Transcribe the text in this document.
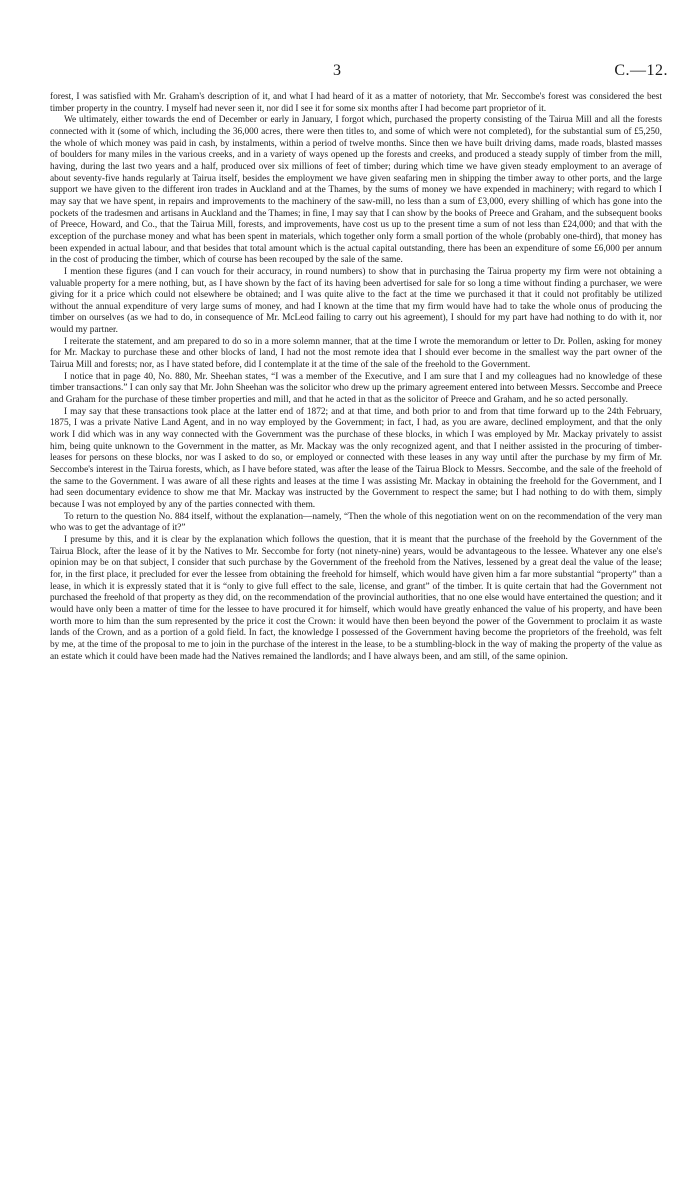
3	C.—12.

forest, I was satisfied with Mr. Graham's description of it, and what I had heard of it as a matter of notoriety, that Mr. Seccombe's forest was considered the best timber property in the country. I myself had never seen it, nor did I see it for some six months after I had become part proprietor of it.

We ultimately, either towards the end of December or early in January, I forgot which, purchased the property consisting of the Tairua Mill and all the forests connected with it (some of which, including the 36,000 acres, there were then titles to, and some of which were not completed), for the substantial sum of £5,250, the whole of which money was paid in cash, by instalments, within a period of twelve months. Since then we have built driving dams, made roads, blasted masses of boulders for many miles in the various creeks, and in a variety of ways opened up the forests and creeks, and produced a steady supply of timber from the mill, having, during the last two years and a half, produced over six millions of feet of timber; during which time we have given steady employment to an average of about seventy-five hands regularly at Tairua itself, besides the employment we have given seafaring men in shipping the timber away to other ports, and the large support we have given to the different iron trades in Auckland and at the Thames, by the sums of money we have expended in machinery; with regard to which I may say that we have spent, in repairs and improvements to the machinery of the saw-mill, no less than a sum of £3,000, every shilling of which has gone into the pockets of the tradesmen and artisans in Auckland and the Thames; in fine, I may say that I can show by the books of Preece and Graham, and the subsequent books of Preece, Howard, and Co., that the Tairua Mill, forests, and improvements, have cost us up to the present time a sum of not less than £24,000; and that with the exception of the purchase money and what has been spent in materials, which together only form a small portion of the whole (probably one-third), that money has been expended in actual labour, and that besides that total amount which is the actual capital outstanding, there has been an expenditure of some £6,000 per annum in the cost of producing the timber, which of course has been recouped by the sale of the same.

I mention these figures (and I can vouch for their accuracy, in round numbers) to show that in purchasing the Tairua property my firm were not obtaining a valuable property for a mere nothing, but, as I have shown by the fact of its having been advertised for sale for so long a time without finding a purchaser, we were giving for it a price which could not elsewhere be obtained; and I was quite alive to the fact at the time we purchased it that it could not profitably be utilized without the annual expenditure of very large sums of money, and had I known at the time that my firm would have had to take the whole onus of producing the timber on ourselves (as we had to do, in consequence of Mr. McLeod failing to carry out his agreement), I should for my part have had nothing to do with it, nor would my partner.

I reiterate the statement, and am prepared to do so in a more solemn manner, that at the time I wrote the memorandum or letter to Dr. Pollen, asking for money for Mr. Mackay to purchase these and other blocks of land, I had not the most remote idea that I should ever become in the smallest way the part owner of the Tairua Mill and forests; nor, as I have stated before, did I contemplate it at the time of the sale of the freehold to the Government.

I notice that in page 40, No. 880, Mr. Sheehan states, “I was a member of the Executive, and I am sure that I and my colleagues had no knowledge of these timber transactions.” I can only say that Mr. John Sheehan was the solicitor who drew up the primary agreement entered into between Messrs. Seccombe and Preece and Graham for the purchase of these timber properties and mill, and that he acted in that as the solicitor of Preece and Graham, and he so acted personally.

I may say that these transactions took place at the latter end of 1872; and at that time, and both prior to and from that time forward up to the 24th February, 1875, I was a private Native Land Agent, and in no way employed by the Government; in fact, I had, as you are aware, declined employment, and that the only work I did which was in any way connected with the Government was the purchase of these blocks, in which I was employed by Mr. Mackay privately to assist him, being quite unknown to the Government in the matter, as Mr. Mackay was the only recognized agent, and that I neither assisted in the procuring of timber-leases for persons on these blocks, nor was I asked to do so, or employed or connected with these leases in any way until after the purchase by my firm of Mr. Seccombe's interest in the Tairua forests, which, as I have before stated, was after the lease of the Tairua Block to Messrs. Seccombe, and the sale of the freehold of the same to the Government. I was aware of all these rights and leases at the time I was assisting Mr. Mackay in obtaining the freehold for the Government, and I had seen documentary evidence to show me that Mr. Mackay was instructed by the Government to respect the same; but I had nothing to do with them, simply because I was not employed by any of the parties connected with them.

To return to the question No. 884 itself, without the explanation—namely, “Then the whole of this negotiation went on on the recommendation of the very man who was to get the advantage of it?”

I presume by this, and it is clear by the explanation which follows the question, that it is meant that the purchase of the freehold by the Government of the Tairua Block, after the lease of it by the Natives to Mr. Seccombe for forty (not ninety-nine) years, would be advantageous to the lessee. Whatever any one else's opinion may be on that subject, I consider that such purchase by the Government of the freehold from the Natives, lessened by a great deal the value of the lease; for, in the first place, it precluded for ever the lessee from obtaining the freehold for himself, which would have given him a far more substantial “property” than a lease, in which it is expressly stated that it is “only to give full effect to the sale, license, and grant” of the timber. It is quite certain that had the Government not purchased the freehold of that property as they did, on the recommendation of the provincial authorities, that no one else would have entertained the question; and it would have only been a matter of time for the lessee to have procured it for himself, which would have greatly enhanced the value of his property, and have been worth more to him than the sum represented by the price it cost the Crown: it would have then been beyond the power of the Government to proclaim it as waste lands of the Crown, and as a portion of a gold field. In fact, the knowledge I possessed of the Government having become the proprietors of the freehold, was felt by me, at the time of the proposal to me to join in the purchase of the interest in the lease, to be a stumbling-block in the way of making the property of the value as an estate which it could have been made had the Natives remained the landlords; and I have always been, and am still, of the same opinion.
